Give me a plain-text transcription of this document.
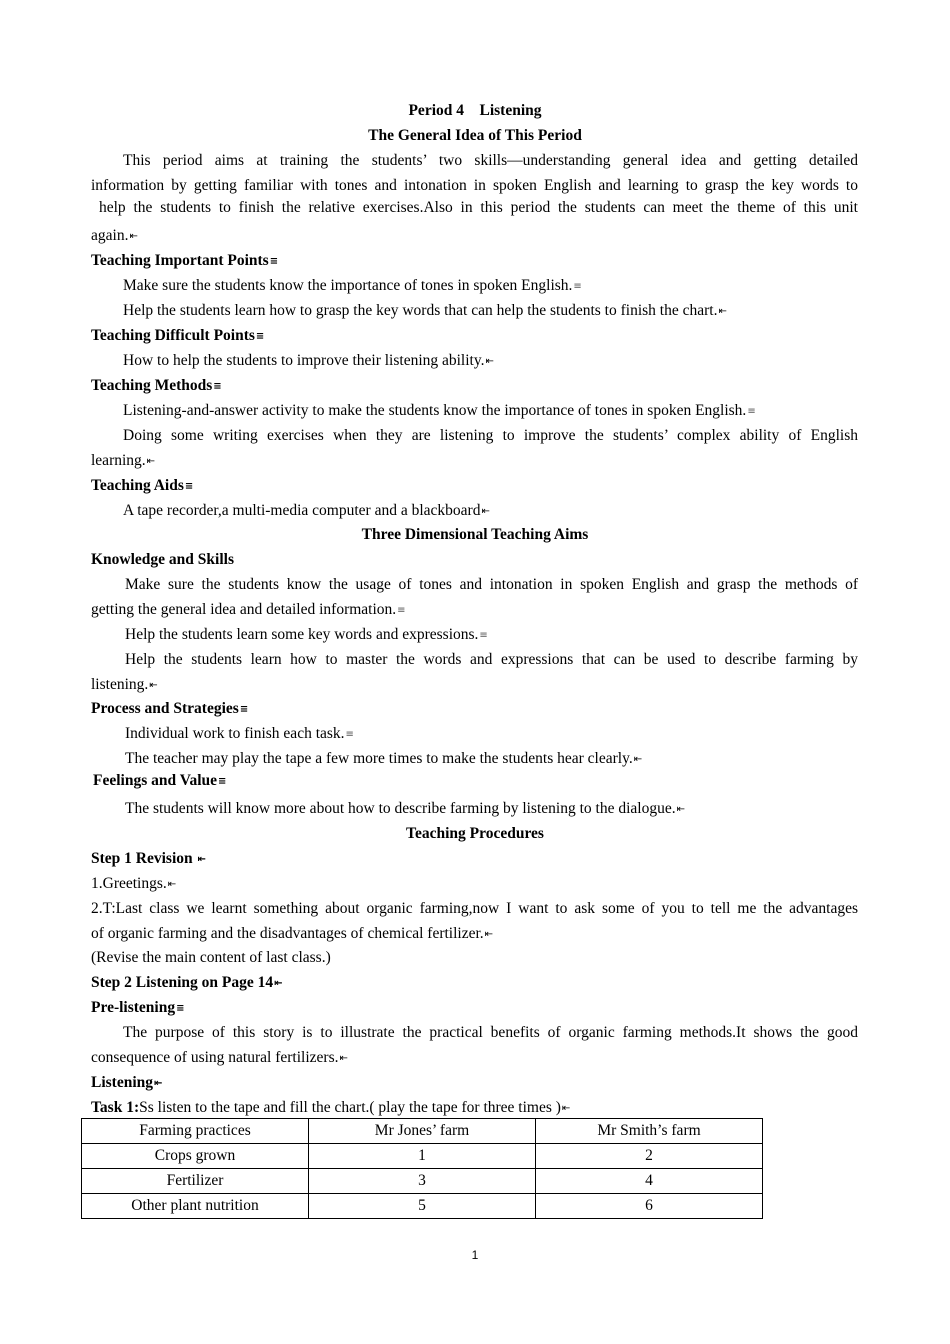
Period 4    Listening
The General Idea of This Period
This period aims at training the students’ two skills—understanding general idea and getting detailed
information by getting familiar with tones and intonation in spoken English and learning to grasp the key words to
help the students to finish the relative exercises.Also in this period the students can meet the theme of this unit
again.⇤
Teaching Important Points≡
Make sure the students know the importance of tones in spoken English.≡
Help the students learn how to grasp the key words that can help the students to finish the chart.⇤
Teaching Difficult Points≡
How to help the students to improve their listening ability.⇤
Teaching Methods≡
Listening-and-answer activity to make the students know the importance of tones in spoken English.≡
Doing some writing exercises when they are listening to improve the students’ complex ability of English
learning.⇤
Teaching Aids≡
A tape recorder,a multi-media computer and a blackboard⇤
Three Dimensional Teaching Aims
Knowledge and Skills
Make sure the students know the usage of tones and intonation in spoken English and grasp the methods of
getting the general idea and detailed information.≡
Help the students learn some key words and expressions.≡
Help the students learn how to master the words and expressions that can be used to describe farming by
listening.⇤
Process and Strategies≡
Individual work to finish each task.≡
The teacher may play the tape a few more times to make the students hear clearly.⇤
Feelings and Value≡
The students will know more about how to describe farming by listening to the dialogue.⇤
Teaching Procedures
Step 1 Revision ⇤
1.Greetings.⇤
2.T:Last class we learnt something about organic farming,now I want to ask some of you to tell me the advantages
of organic farming and the disadvantages of chemical fertilizer.⇤
(Revise the main content of last class.)
Step 2 Listening on Page 14⇤
Pre-listening≡
The purpose of this story is to illustrate the practical benefits of organic farming methods.It shows the good
consequence of using natural fertilizers.⇤
Listening⇤
Task 1:Ss listen to the tape and fill the chart.( play the tape for three times )⇤
Farming practices	Mr Jones’ farm	Mr Smith’s farm
Crops grown	1	2
Fertilizer	3	4
Other plant nutrition	5	6
1
